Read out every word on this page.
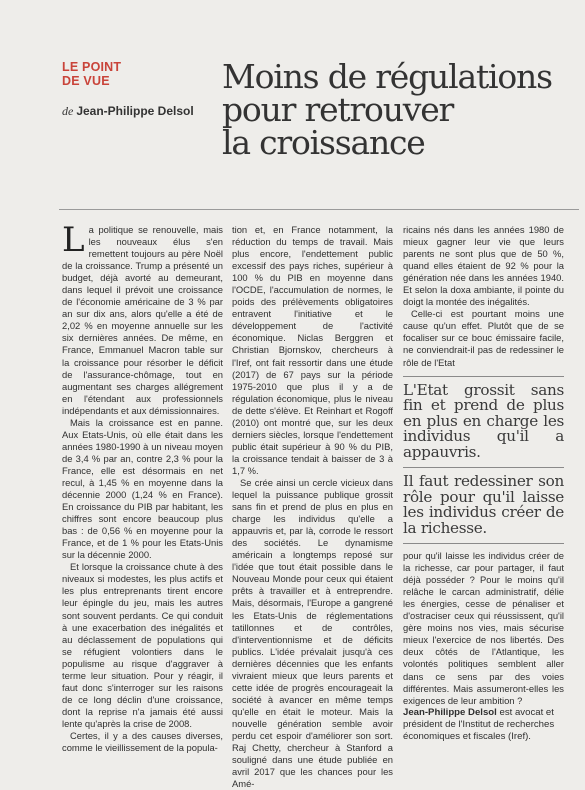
LE POINT
DE VUE	Moins de régulations
pour retrouver
la croissance
de Jean-Philippe Delsol

La politique se renouvelle, mais les nouveaux élus s'en remettent toujours au père Noël de la croissance. Trump a présenté un budget, déjà avorté au demeurant, dans lequel il prévoit une croissance de l'économie américaine de 3 % par an sur dix ans, alors qu'elle a été de 2,02 % en moyenne annuelle sur les six dernières années. De même, en France, Emmanuel Macron table sur la croissance pour résorber le déficit de l'assurance-chômage, tout en augmentant ses charges allégrement en l'étendant aux professionnels indépendants et aux démissionnaires.

Mais la croissance est en panne. Aux Etats-Unis, où elle était dans les années 1980-1990 à un niveau moyen de 3,4 % par an, contre 2,3 % pour la France, elle est désormais en net recul, à 1,45 % en moyenne dans la décennie 2000 (1,24 % en France). En croissance du PIB par habitant, les chiffres sont encore beaucoup plus bas : de 0,56 % en moyenne pour la France, et de 1 % pour les Etats-Unis sur la décennie 2000.

Et lorsque la croissance chute à des niveaux si modestes, les plus actifs et les plus entreprenants tirent encore leur épingle du jeu, mais les autres sont souvent perdants. Ce qui conduit à une exacerbation des inégalités et au déclassement de populations qui se réfugient volontiers dans le populisme au risque d'aggraver à terme leur situation. Pour y réagir, il faut donc s'interroger sur les raisons de ce long déclin d'une croissance, dont la reprise n'a jamais été aussi lente qu'après la crise de 2008.

Certes, il y a des causes diverses, comme le vieillissement de la popula-

tion et, en France notamment, la réduction du temps de travail. Mais plus encore, l'endettement public excessif des pays riches, supérieur à 100 % du PIB en moyenne dans l'OCDE, l'accumulation de normes, le poids des prélèvements obligatoires entravent l'initiative et le développement de l'activité économique. Niclas Berggren et Christian Bjornskov, chercheurs à l'Iref, ont fait ressortir dans une étude (2017) de 67 pays sur la période 1975-2010 que plus il y a de régulation économique, plus le niveau de dette s'élève. Et Reinhart et Rogoff (2010) ont montré que, sur les deux derniers siècles, lorsque l'endettement public était supérieur à 90 % du PIB, la croissance tendait à baisser de 3 à 1,7 %.

Se crée ainsi un cercle vicieux dans lequel la puissance publique grossit sans fin et prend de plus en plus en charge les individus qu'elle a appauvris et, par là, corrode le ressort des sociétés. Le dynamisme américain a longtemps reposé sur l'idée que tout était possible dans le Nouveau Monde pour ceux qui étaient prêts à travailler et à entreprendre. Mais, désormais, l'Europe a gangrené les Etats-Unis de réglementations tatillonnes et de contrôles, d'interventionnisme et de déficits publics. L'idée prévalait jusqu'à ces dernières décennies que les enfants vivraient mieux que leurs parents et cette idée de progrès encourageait la société à avancer en même temps qu'elle en était le moteur. Mais la nouvelle génération semble avoir perdu cet espoir d'améliorer son sort. Raj Chetty, chercheur à Stanford a souligné dans une étude publiée en avril 2017 que les chances pour les Amé-

ricains nés dans les années 1980 de mieux gagner leur vie que leurs parents ne sont plus que de 50 %, quand elles étaient de 92 % pour la génération née dans les années 1940. Et selon la doxa ambiante, il pointe du doigt la montée des inégalités.

Celle-ci est pourtant moins une cause qu'un effet. Plutôt que de se focaliser sur ce bouc émissaire facile, ne conviendrait-il pas de redessiner le rôle de l'Etat

L'Etat grossit sans fin et prend de plus en plus en charge les individus qu'il a appauvris.

Il faut redessiner son rôle pour qu'il laisse les individus créer de la richesse.

pour qu'il laisse les individus créer de la richesse, car pour partager, il faut déjà posséder ? Pour le moins qu'il relâche le carcan administratif, délie les énergies, cesse de pénaliser et d'ostraciser ceux qui réussissent, qu'il gère moins nos vies, mais sécurise mieux l'exercice de nos libertés. Des deux côtés de l'Atlantique, les volontés politiques semblent aller dans ce sens par des voies différentes. Mais assumeront-elles les exigences de leur ambition ?

Jean-Philippe Delsol est avocat et président de l'Institut de recherches économiques et fiscales (Iref).
